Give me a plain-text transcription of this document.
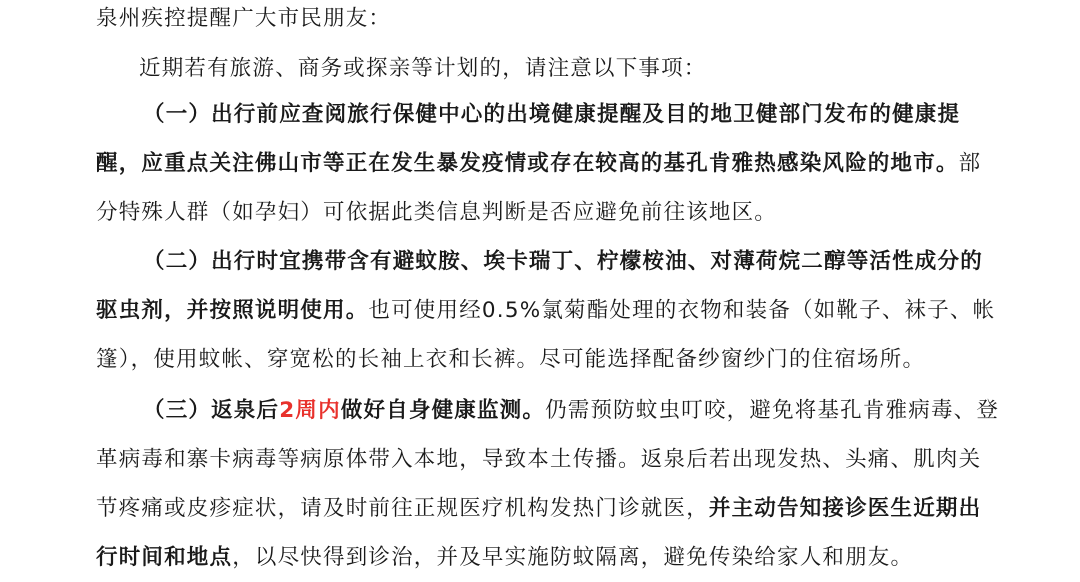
泉州疾控提醒广大市民朋友：
近期若有旅游、商务或探亲等计划的，请注意以下事项：
（一）出行前应查阅旅行保健中心的出境健康提醒及目的地卫健部门发布的健康提
醒，应重点关注佛山市等正在发生暴发疫情或存在较高的基孔肯雅热感染风险的地市。部
分特殊人群（如孕妇）可依据此类信息判断是否应避免前往该地区。
（二）出行时宜携带含有避蚊胺、埃卡瑞丁、柠檬桉油、对薄荷烷二醇等活性成分的
驱虫剂，并按照说明使用。也可使用经0.5%氯菊酯处理的衣物和装备（如靴子、袜子、帐
篷），使用蚊帐、穿宽松的长袖上衣和长裤。尽可能选择配备纱窗纱门的住宿场所。
（三）返泉后2周内做好自身健康监测。仍需预防蚊虫叮咬，避免将基孔肯雅病毒、登
革病毒和寨卡病毒等病原体带入本地，导致本土传播。返泉后若出现发热、头痛、肌肉关
节疼痛或皮疹症状，请及时前往正规医疗机构发热门诊就医，并主动告知接诊医生近期出
行时间和地点，以尽快得到诊治，并及早实施防蚊隔离，避免传染给家人和朋友。
